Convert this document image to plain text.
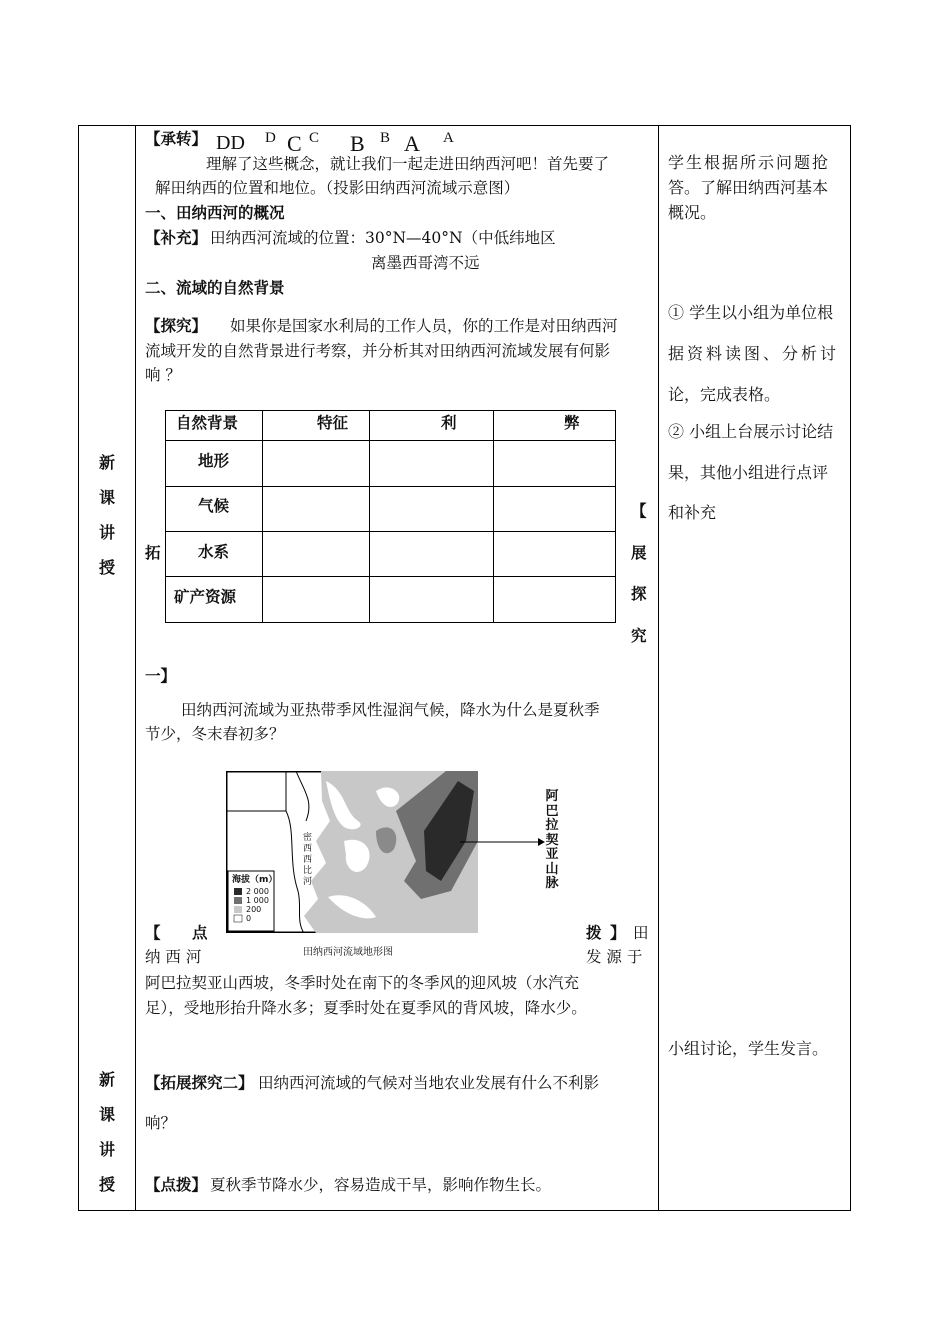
新
课
讲
授
新
课
讲
授
【承转】 DD D C C B B A A
理解了这些概念，就让我们一起走进田纳西河吧！首先要了
解田纳西的位置和地位。（投影田纳西河流域示意图）
一、田纳西河的概况
【补充】 田纳西河流域的位置：30°N—40°N（中低纬地区
离墨西哥湾不远
二、流域的自然背景
【探究】 如果你是国家水利局的工作人员，你的工作是对田纳西河
流域开发的自然背景进行考察，并分析其对田纳西河流域发展有何影
响 ？
自然背景	特征	利	弊
地形
气候
水系
矿产资源
拓
【
展
探
究
一】
田纳西河流域为亚热带季风性湿润气候，降水为什么是夏秋季
节少，冬末春初多？
海拔（m）
2 000
1 000
200
0
密西西比河
田纳西河流域地形图
阿
巴
拉
契
亚
山
脉
【 点	拨 】 田
纳 西 河	发 源 于
阿巴拉契亚山西坡，冬季时处在南下的冬季风的迎风坡（水汽充
足），受地形抬升降水多；夏季时处在夏季风的背风坡，降水少。
【拓展探究二】 田纳西河流域的气候对当地农业发展有什么不利影
响？
【点拨】 夏秋季节降水少，容易造成干旱，影响作物生长。
学生根据所示问题抢
答。了解田纳西河基本
概况。
① 学生以小组为单位根
据资料读图、分析讨
论，完成表格。
② 小组上台展示讨论结
果，其他小组进行点评
和补充
小组讨论，学生发言。
